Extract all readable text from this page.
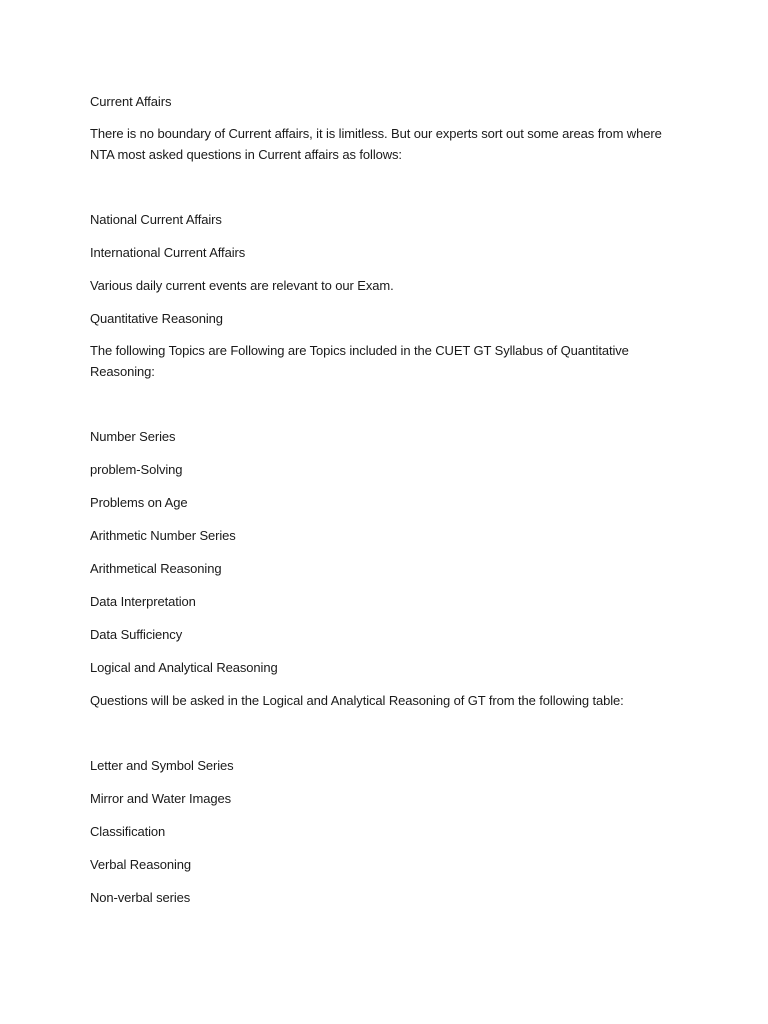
Current Affairs
There is no boundary of Current affairs, it is limitless. But our experts sort out some areas from where
NTA most asked questions in Current affairs as follows:
National Current Affairs
International Current Affairs
Various daily current events are relevant to our Exam.
Quantitative Reasoning
The following Topics are Following are Topics included in the CUET GT Syllabus of Quantitative
Reasoning:
Number Series
problem-Solving
Problems on Age
Arithmetic Number Series
Arithmetical Reasoning
Data Interpretation
Data Sufficiency
Logical and Analytical Reasoning
Questions will be asked in the Logical and Analytical Reasoning of GT from the following table:
Letter and Symbol Series
Mirror and Water Images
Classification
Verbal Reasoning
Non-verbal series
